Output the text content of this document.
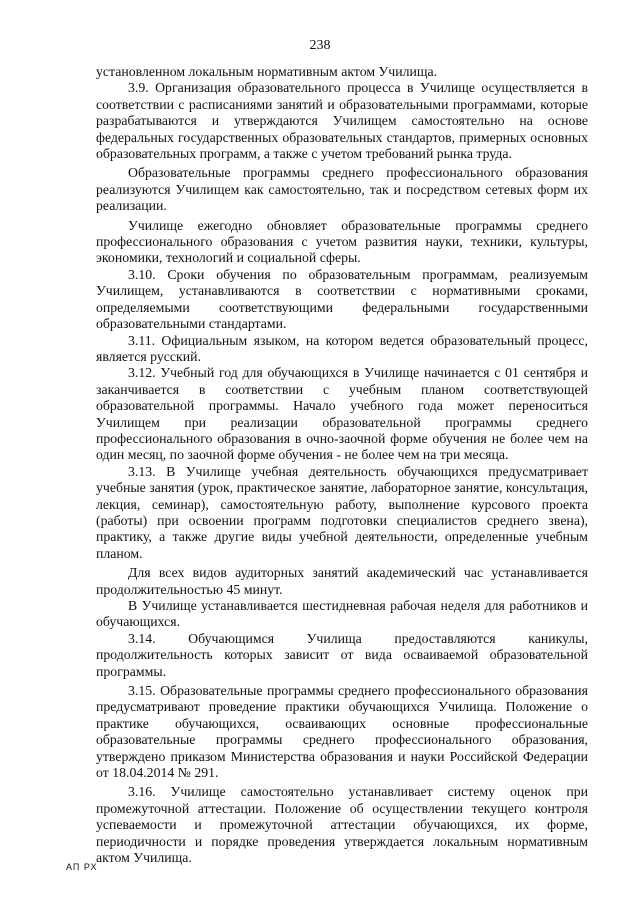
238

установленном локальным нормативным актом Училища.

3.9. Организация образовательного процесса в Училище осуществляется в соответствии с расписаниями занятий и образовательными программами, которые разрабатываются и утверждаются Училищем самостоятельно на основе федеральных государственных образовательных стандартов, примерных основных образовательных программ, а также с учетом требований рынка труда.

Образовательные программы среднего профессионального образования реализуются Училищем как самостоятельно, так и посредством сетевых форм их реализации.

Училище ежегодно обновляет образовательные программы среднего профессионального образования с учетом развития науки, техники, культуры, экономики, технологий и социальной сферы.

3.10. Сроки обучения по образовательным программам, реализуемым Училищем, устанавливаются в соответствии с нормативными сроками, определяемыми соответствующими федеральными государственными образовательными стандартами.

3.11. Официальным языком, на котором ведется образовательный процесс, является русский.

3.12. Учебный год для обучающихся в Училище начинается с 01 сентября и заканчивается в соответствии с учебным планом соответствующей образовательной программы. Начало учебного года может переноситься Училищем при реализации образовательной программы среднего профессионального образования в очно-заочной форме обучения не более чем на один месяц, по заочной форме обучения - не более чем на три месяца.

3.13. В Училище учебная деятельность обучающихся предусматривает учебные занятия (урок, практическое занятие, лабораторное занятие, консультация, лекция, семинар), самостоятельную работу, выполнение курсового проекта (работы) при освоении программ подготовки специалистов среднего звена), практику, а также другие виды учебной деятельности, определенные учебным планом.

Для всех видов аудиторных занятий академический час устанавливается продолжительностью 45 минут.

В Училище устанавливается шестидневная рабочая неделя для работников и обучающихся.

3.14. Обучающимся Училища предоставляются каникулы, продолжительность которых зависит от вида осваиваемой образовательной программы.

3.15. Образовательные программы среднего профессионального образования предусматривают проведение практики обучающихся Училища. Положение о практике обучающихся, осваивающих основные профессиональные образовательные программы среднего профессионального образования, утверждено приказом Министерства образования и науки Российской Федерации от 18.04.2014 № 291.

3.16. Училище самостоятельно устанавливает систему оценок при промежуточной аттестации. Положение об осуществлении текущего контроля успеваемости и промежуточной аттестации обучающихся, их форме, периодичности и порядке проведения утверждается локальным нормативным актом Училища.

АП РХ
